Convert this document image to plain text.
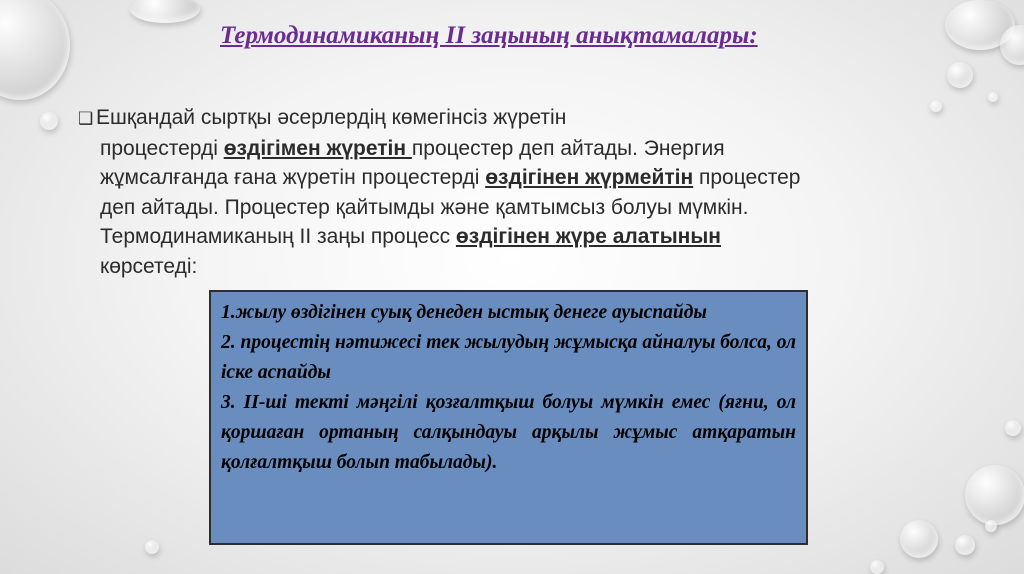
Термодинамиканың II заңының анықтамалары:
❑ Ешқандай сыртқы әсерлердің көмегінсіз жүретін
процестерді өздігімен жүретін процестер деп айтады. Энергия
жұмсалғанда ғана жүретін процестерді өздігінен жүрмейтін процестер
деп айтады. Процестер қайтымды және қамтымсыз болуы мүмкін.
Термодинамиканың ІІ заңы процесс өздігінен жүре алатынын
көрсетеді:

1.жылу өздігінен суық денеден ыстық денеге ауыспайды

2. процестің нәтижесі тек жылудың жұмысқа айналуы болса, ол іске аспайды

3. II-ші текті мәңгілі қозғалтқыш болуы мүмкін емес (яғни, ол қоршаған ортаның салқындауы арқылы жұмыс атқаратын қолғалтқыш болып табылады).
